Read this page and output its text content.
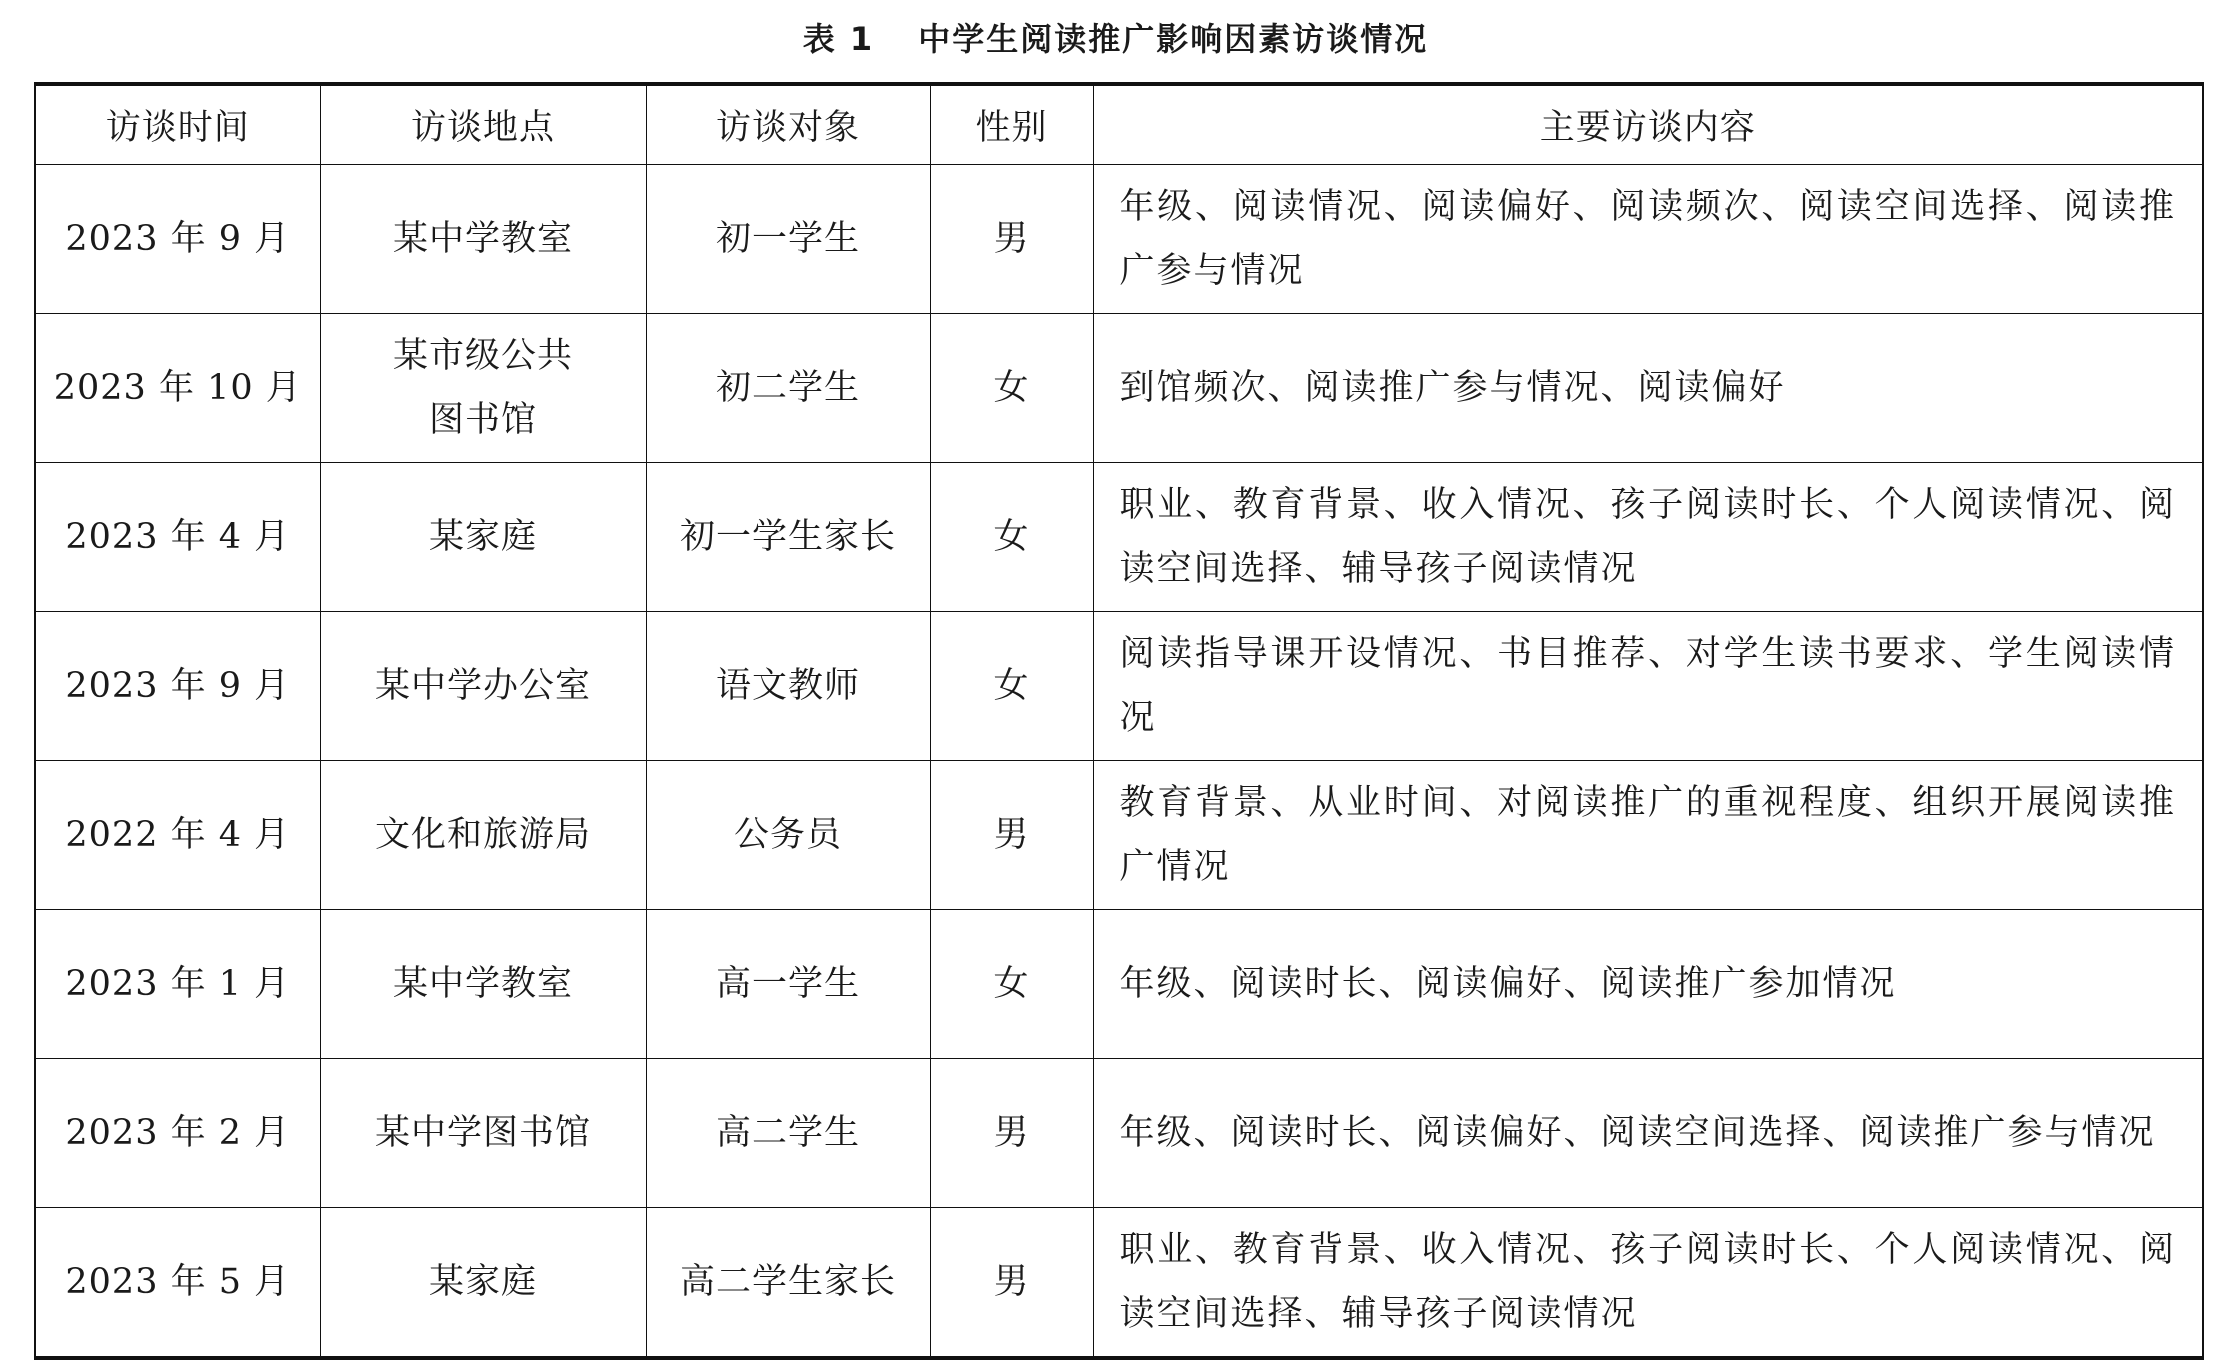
表 1 中学生阅读推广影响因素访谈情况
访谈时间	访谈地点	访谈对象	性别	主要访谈内容
2023 年 9 月	某中学教室	初一学生	男	年级、阅读情况、阅读偏好、阅读频次、阅读空间选择、阅读推广参与情况
2023 年 10 月	某市级公共图书馆	初二学生	女	到馆频次、阅读推广参与情况、阅读偏好
2023 年 4 月	某家庭	初一学生家长	女	职业、教育背景、收入情况、孩子阅读时长、个人阅读情况、阅读空间选择、辅导孩子阅读情况
2023 年 9 月	某中学办公室	语文教师	女	阅读指导课开设情况、书目推荐、对学生读书要求、学生阅读情况
2022 年 4 月	文化和旅游局	公务员	男	教育背景、从业时间、对阅读推广的重视程度、组织开展阅读推广情况
2023 年 1 月	某中学教室	高一学生	女	年级、阅读时长、阅读偏好、阅读推广参加情况
2023 年 2 月	某中学图书馆	高二学生	男	年级、阅读时长、阅读偏好、阅读空间选择、阅读推广参与情况
2023 年 5 月	某家庭	高二学生家长	男	职业、教育背景、收入情况、孩子阅读时长、个人阅读情况、阅读空间选择、辅导孩子阅读情况
